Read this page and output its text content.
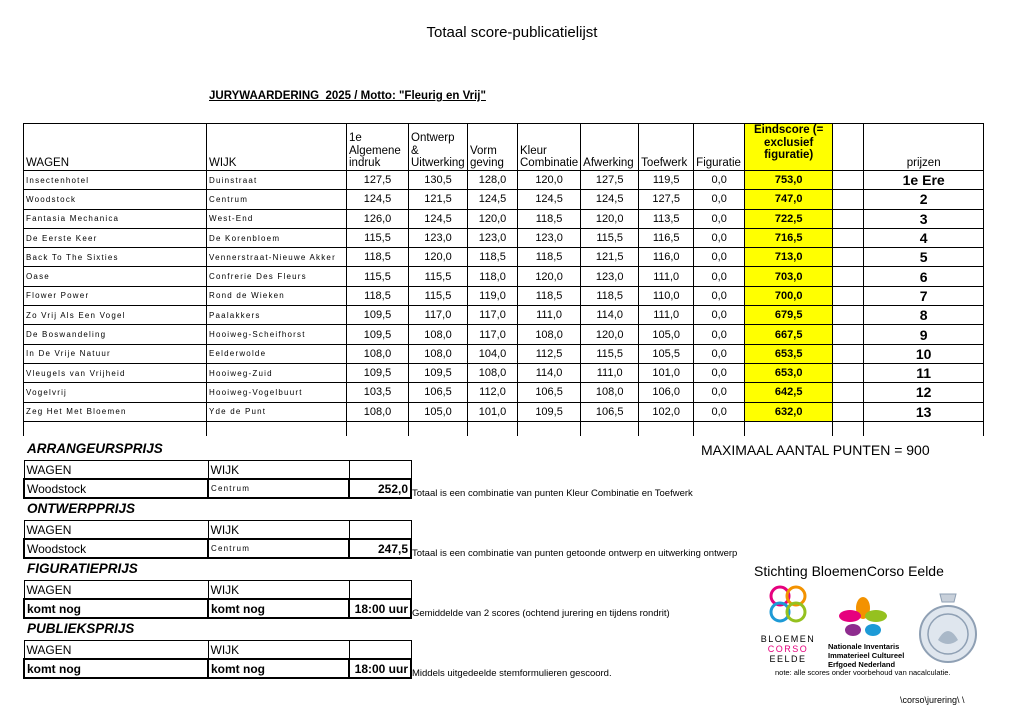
Totaal score-publicatielijst
JURYWAARDERING  2025 / Motto: "Fleurig en Vrij"
WAGEN	WIJK	1e Algemene indruk	Ontwerp & Uitwerking	Vorm geving	Kleur Combinatie	Afwerking	Toefwerk	Figuratie	Eindscore (= exclusief figuratie)		prijzen
Insectenhotel	Duinstraat	127,5	130,5	128,0	120,0	127,5	119,5	0,0	753,0		1e Ere
Woodstock	Centrum	124,5	121,5	124,5	124,5	124,5	127,5	0,0	747,0		2
Fantasia Mechanica	West-End	126,0	124,5	120,0	118,5	120,0	113,5	0,0	722,5		3
De Eerste Keer	De Korenbloem	115,5	123,0	123,0	123,0	115,5	116,5	0,0	716,5		4
Back To The Sixties	Vennerstraat-Nieuwe Akker	118,5	120,0	118,5	118,5	121,5	116,0	0,0	713,0		5
Oase	Confrerie Des Fleurs	115,5	115,5	118,0	120,0	123,0	111,0	0,0	703,0		6
Flower Power	Rond de Wieken	118,5	115,5	119,0	118,5	118,5	110,0	0,0	700,0		7
Zo Vrij Als Een Vogel	Paalakkers	109,5	117,0	117,0	111,0	114,0	111,0	0,0	679,5		8
De Boswandeling	Hooiweg-Scheifhorst	109,5	108,0	117,0	108,0	120,0	105,0	0,0	667,5		9
In De Vrije Natuur	Eelderwolde	108,0	108,0	104,0	112,5	115,5	105,5	0,0	653,5		10
Vleugels van Vrijheid	Hooiweg-Zuid	109,5	109,5	108,0	114,0	111,0	101,0	0,0	653,0		11
Vogelvrij	Hooiweg-Vogelbuurt	103,5	106,5	112,0	106,5	108,0	106,0	0,0	642,5		12
Zeg Het Met Bloemen	Yde de Punt	108,0	105,0	101,0	109,5	106,5	102,0	0,0	632,0		13

MAXIMAAL AANTAL PUNTEN = 900
ARRANGEURSPRIJS
WAGEN	WIJK		
Woodstock	Centrum	252,0	Totaal is een combinatie van punten Kleur Combinatie en Toefwerk
ONTWERPPRIJS
WAGEN	WIJK		
Woodstock	Centrum	247,5	Totaal is een combinatie van punten getoonde ontwerp en uitwerking ontwerp
FIGURATIEPRIJS
WAGEN	WIJK		
komt nog	komt nog	18:00 uur	Gemiddelde van 2 scores (ochtend jurering en tijdens rondrit)
PUBLIEKSPRIJS
WAGEN	WIJK		
komt nog	komt nog	18:00 uur	Middels uitgedeelde stemformulieren gescoord.
Stichting BloemenCorso Eelde
BLOEMEN
CORSO
EELDE
Nationale Inventaris
Immaterieel Cultureel
Erfgoed Nederland
note: alle scores onder voorbehoud van nacalculatie.
\corso\jurering\ \
